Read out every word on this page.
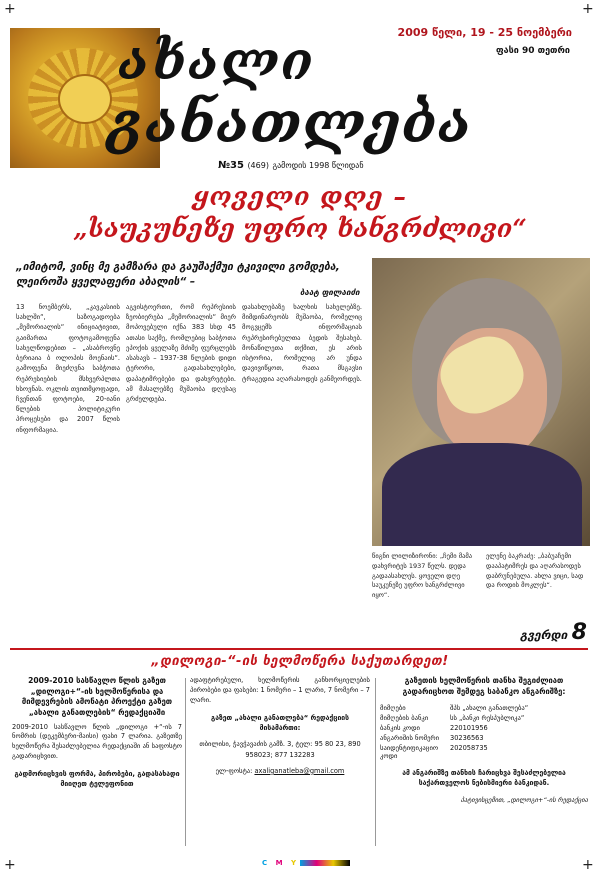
+	+
+	+
ახალი
განათლება
2009 წელი, 19 - 25 ნოემბერი
ფასი 90 თეთრი
№35 (469) გამოდის 1998 წლიდან
ყოველი დღე –
„საუკუნეზე უფრო ხანგრძლივი“
„იმიტომ, ვინც მე გამზარა და გაუშაქმუი ტკივილი გომდება, ლეიროშა ყველაფერი აბალის“ –
ბაატ ფილაიძი
13 ნოემბერს, „კავკასიის სახლში“, საზოგადოება „მემორიალის“ ინიციატივით, გაიმართა ფოტოგამოფენა სახელწოდებით – „ასაბროვნე ბერიაია ბ ოლოპის მოენაის“. გამოფენა მიეძღვნა საბჭოთა რეპრესიების მსხვერპლთა ხსოვნას. ოკლის თვითმყოფადი, ჩვენთან ფოტოები, 20-იანი წლების პოლიტიკური პროცესები და 2007 წლის ინფორმაცია.
აგვისტოერთი, რომ რეპრესიის ზეობიერება „მემორიალის“ მიერ მოპოვებული იქნა 383 სხდ 45 ათასი საქმე, რომლებიც საბჭოთა ეპოქის ყველაზე მძიმე ფურცლებს ასახავს – 1937-38 წლების დიდი ტერორი, გადასახლებები, დაპატიმრებები და დახვრეტები. ამ მასალებზე მუშაობა დღესაც გრძელდება.
დასახლებაზე ხალხის სახელებზე. მიმდინარეობს მუშაობა, რომელიც მოგვცემს ინფორმაციას რეპრესირებულთა ბედის შესახებ. მონაწილეთა თქმით, ეს არის ისტორია, რომელიც არ უნდა დავივიწყოთ, რათა მსგავსი ტრაგედია აღარასოდეს განმეორდეს.
წიგნი ლილიზირონი: „ჩემი მამა დახვრიტეს 1937 წელს. დედა გადაასახლეს. ყოველი დღე საუკუნეზე უფრო ხანგრძლივი იყო“.
ელენე ბაკრაძე: „ბაბუაჩემი დააპატიმრეს და აღარასოდეს დაბრუნებულა. ახლა ვიცი, სად და როდის მოკლეს“.
გვერდი 8
„დილოგი-“-ის ხელმოწერა საქუთარდეთ!
2009-2010 სასწავლო წლის გაზეთ „დილოგი+“-ის ხელმოწერისა და მიმდევრების ამონატი პროექტი გაზეთ „ახალი განათლების“ რედაქციაში
2009-2010 სასწავლო წლის „დილოგი +“-ის 7 ნომრის (დეკემბერი-მაისი) ფასი 7 ლარია. გაზეთზე ხელმოწერა შესაძლებელია რედაქციაში ან საფოსტო გადარიცხვით.
გადმორიცხვის ფორმა, პირობები, გადასახადი მიიღეთ ტელეფონით
ადაფტირებული, ხელმოწერის განხორციელების პირობები და ფასები: 1 ნომერი – 1 ლარი, 7 ნომერი – 7 ლარი.
გაზეთ „ახალი განათლება“ რედაქციის მისამართი:
თბილისი, ჭავჭავაძის გამზ. 3, ტელ: 95 80 23, 890 958023; 877 132283
ელ-ფოსტა: axaliganatleba@gmail.com
გაზეთის ხელმოწერის თანხა შეგიძლიათ გადარიცხოთ შემდეგ საბანკო ანგარიშზე:
მიმღები	შპს „ახალი განათლება“
მიმღების ბანკი	სს „ბანკი რესპუბლიკა“
ბანკის კოდი	220101956
ანგარიშის ნომერი	30236563
საიდენტიფიკაციო კოდი	202058735
ამ ანგარიშზე თანხის ჩარიცხვა შესაძლებელია საქართველოს ნებისმიერი ბანკიდან.
პატივისცემით, „დილოგი+“-ის რედაქცია
C M Y
